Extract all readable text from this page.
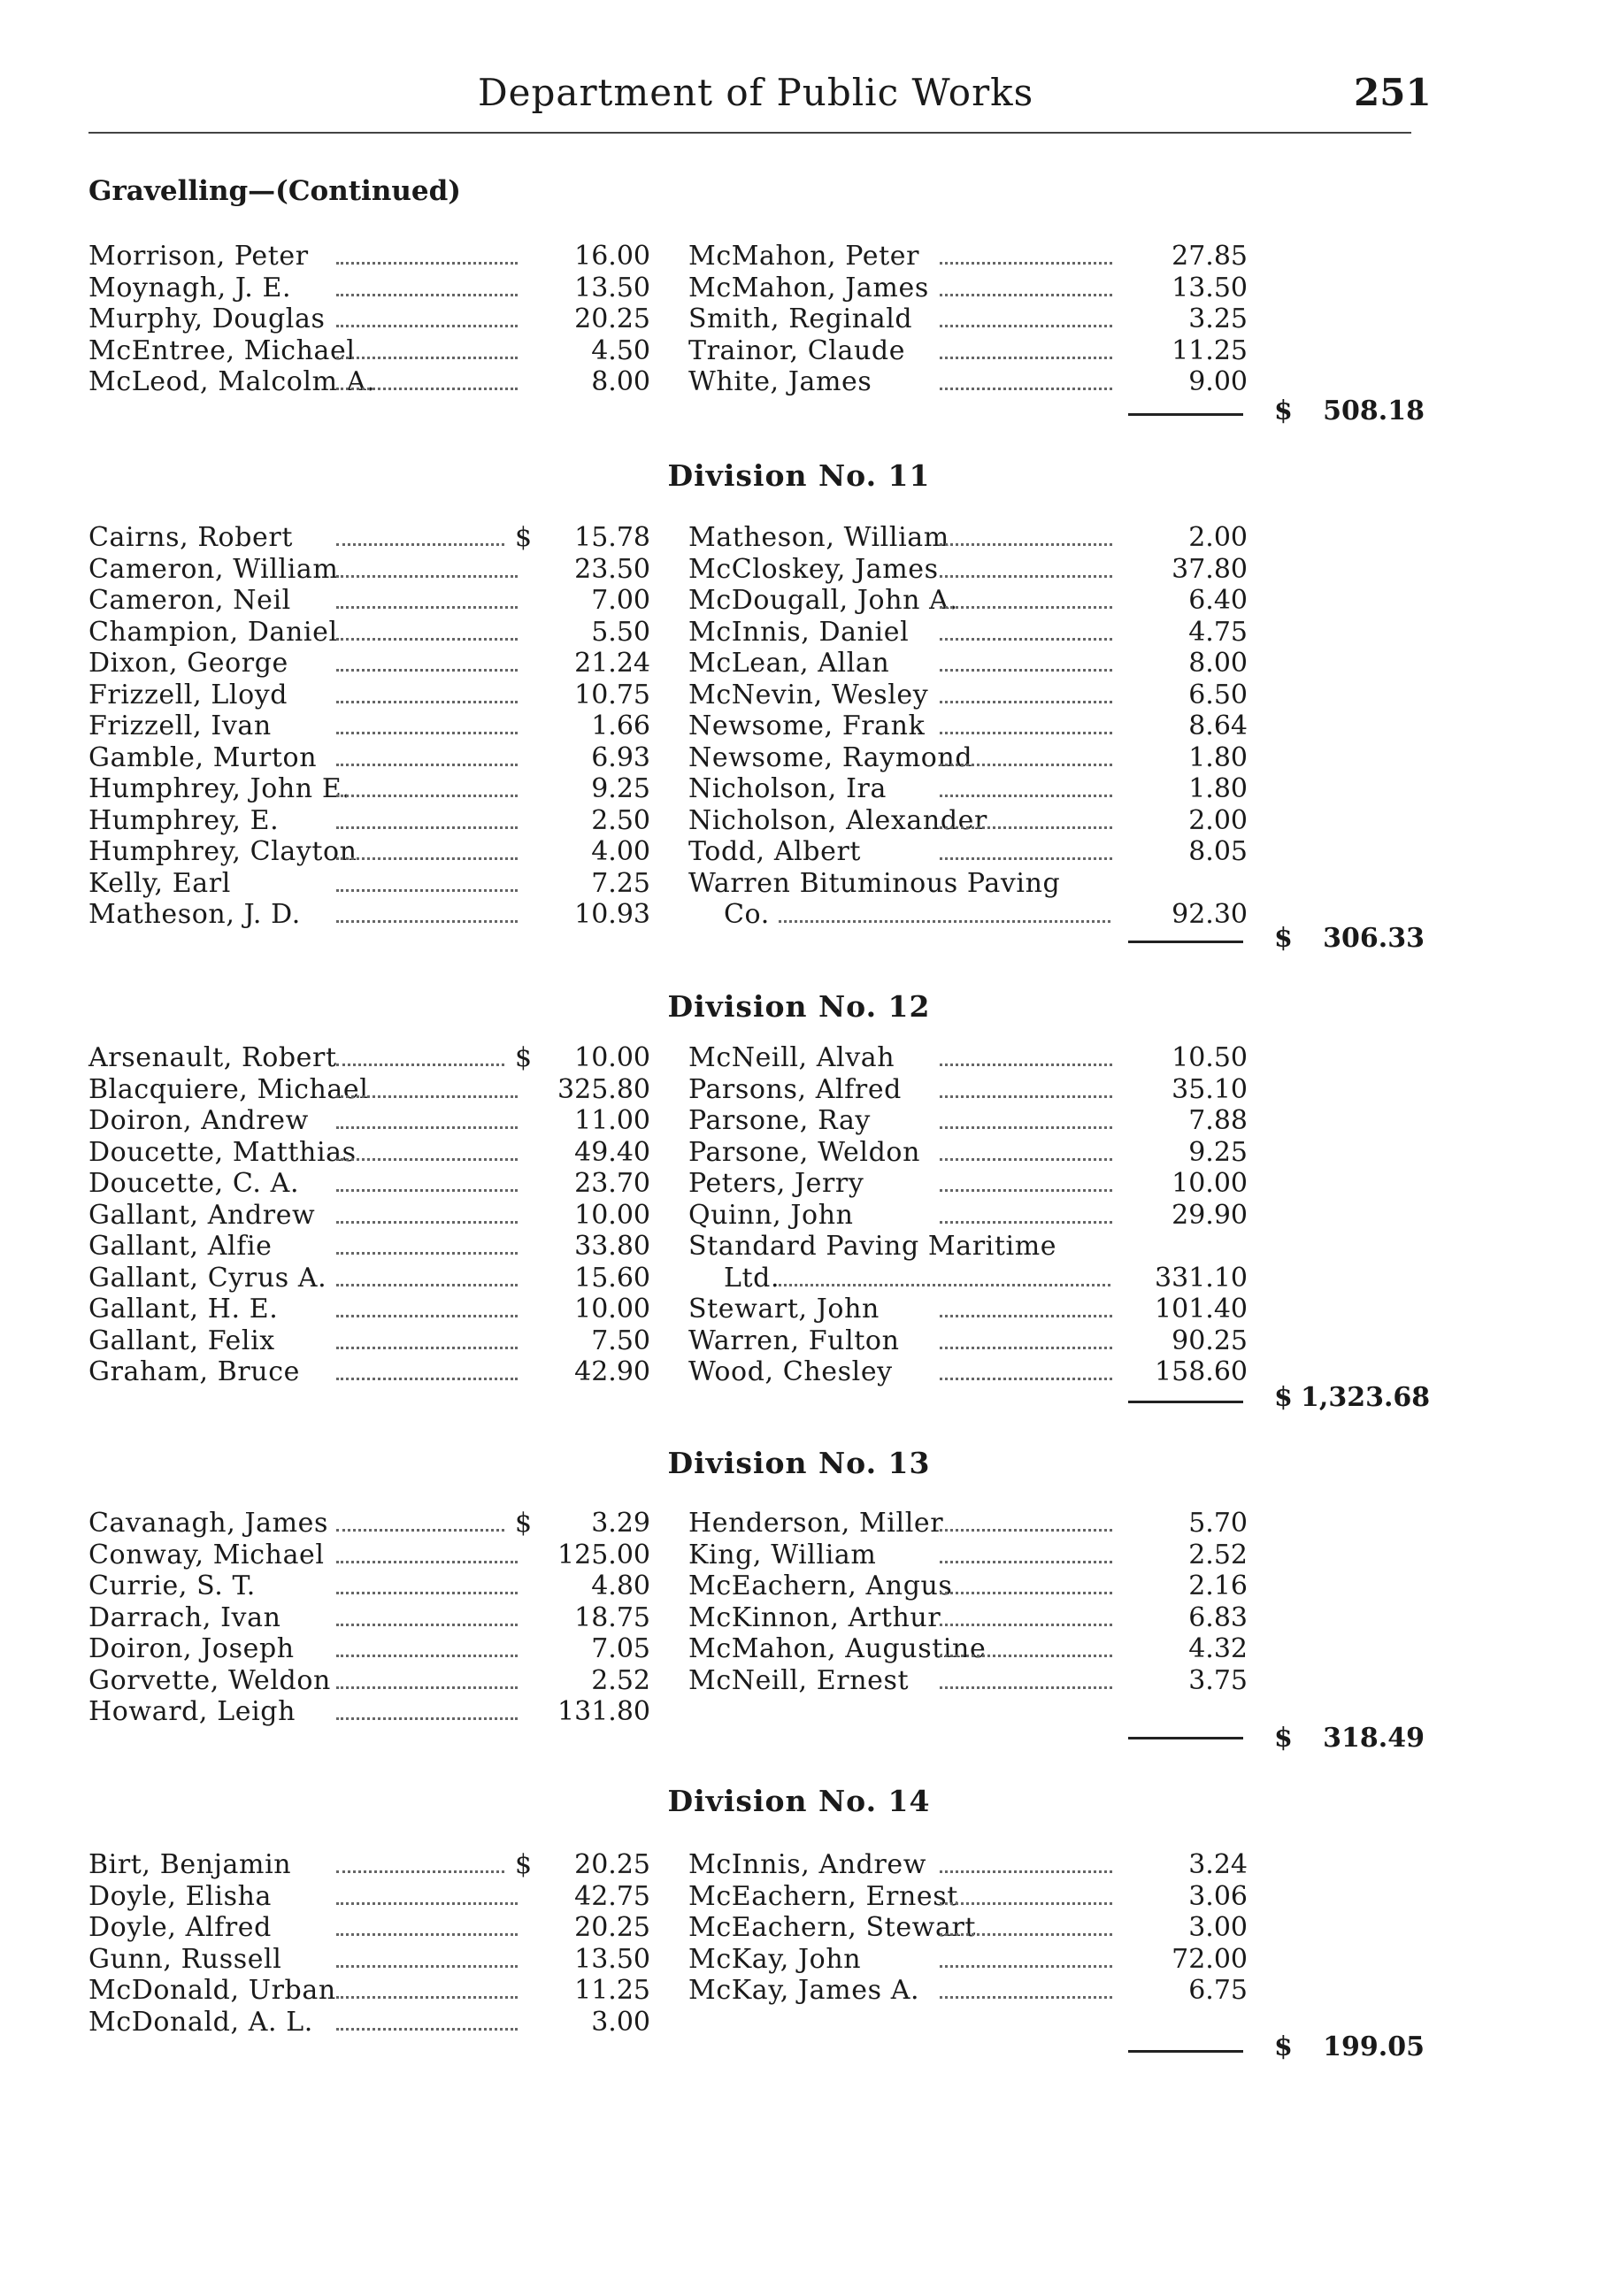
Department of Public Works	251
Gravelling—(Continued)
Morrison, Peter	16.00 McMahon, Peter	27.85
Moynagh, J. E.	13.50 McMahon, James	13.50
Murphy, Douglas	20.25 Smith, Reginald	3.25
McEntree, Michael	4.50 Trainor, Claude	11.25
McLeod, Malcolm A.	8.00 White, James	9.00
$	508.18
Division No. 11
Cairns, Robert	$	15.78 Matheson, William	2.00
Cameron, William	23.50 McCloskey, James	37.80
Cameron, Neil	7.00 McDougall, John A.	6.40
Champion, Daniel	5.50 McInnis, Daniel	4.75
Dixon, George	21.24 McLean, Allan	8.00
Frizzell, Lloyd	10.75 McNevin, Wesley	6.50
Frizzell, Ivan	1.66 Newsome, Frank	8.64
Gamble, Murton	6.93 Newsome, Raymond	1.80
Humphrey, John E.	9.25 Nicholson, Ira	1.80
Humphrey, E.	2.50 Nicholson, Alexander	2.00
Humphrey, Clayton	4.00 Todd, Albert	8.05
Kelly, Earl	7.25 Warren Bituminous Paving
Matheson, J. D.	10.93	Co.	92.30
$	306.33
Division No. 12
Arsenault, Robert	$	10.00 McNeill, Alvah	10.50
Blacquiere, Michael	325.80 Parsons, Alfred	35.10
Doiron, Andrew	11.00 Parsone, Ray	7.88
Doucette, Matthias	49.40 Parsone, Weldon	9.25
Doucette, C. A.	23.70 Peters, Jerry	10.00
Gallant, Andrew	10.00 Quinn, John	29.90
Gallant, Alfie	33.80 Standard Paving Maritime
Gallant, Cyrus A.	15.60	Ltd.	331.10
Gallant, H. E.	10.00 Stewart, John	101.40
Gallant, Felix	7.50 Warren, Fulton	90.25
Graham, Bruce	42.90 Wood, Chesley	158.60
$ 1,323.68
Division No. 13
Cavanagh, James	$	3.29 Henderson, Miller	5.70
Conway, Michael	125.00 King, William	2.52
Currie, S. T.	4.80 McEachern, Angus	2.16
Darrach, Ivan	18.75 McKinnon, Arthur	6.83
Doiron, Joseph	7.05 McMahon, Augustine	4.32
Gorvette, Weldon	2.52 McNeill, Ernest	3.75
Howard, Leigh	131.80
$	318.49
Division No. 14
Birt, Benjamin	$	20.25 McInnis, Andrew	3.24
Doyle, Elisha	42.75 McEachern, Ernest	3.06
Doyle, Alfred	20.25 McEachern, Stewart	3.00
Gunn, Russell	13.50 McKay, John	72.00
McDonald, Urban	11.25 McKay, James A.	6.75
McDonald, A. L.	3.00
$	199.05
